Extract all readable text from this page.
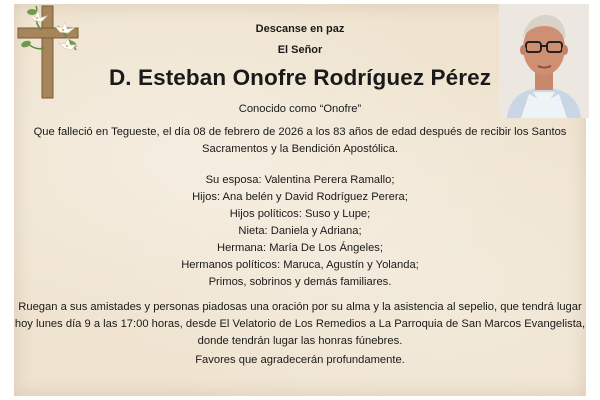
Descanse en paz
El Señor
D. Esteban Onofre Rodríguez Pérez
Conocido como “Onofre”
Que falleció en Tegueste, el día 08 de febrero de 2026 a los 83 años de edad después de recibir los Santos
Sacramentos y la Bendición Apostólica.
Su esposa: Valentina Perera Ramallo;
Hijos: Ana belén y David Rodríguez Perera;
Hijos políticos: Suso y Lupe;
Nieta: Daniela y Adriana;
Hermana: María De Los Ángeles;
Hermanos políticos: Maruca, Agustín y Yolanda;
Primos, sobrinos y demás familiares.
Ruegan a sus amistades y personas piadosas una oración por su alma y la asistencia al sepelio, que tendrá lugar
hoy lunes día 9 a las 17:00 horas, desde El Velatorio de Los Remedios a La Parroquia de San Marcos Evangelista,
donde tendrán lugar las honras fúnebres.
Favores que agradecerán profundamente.
